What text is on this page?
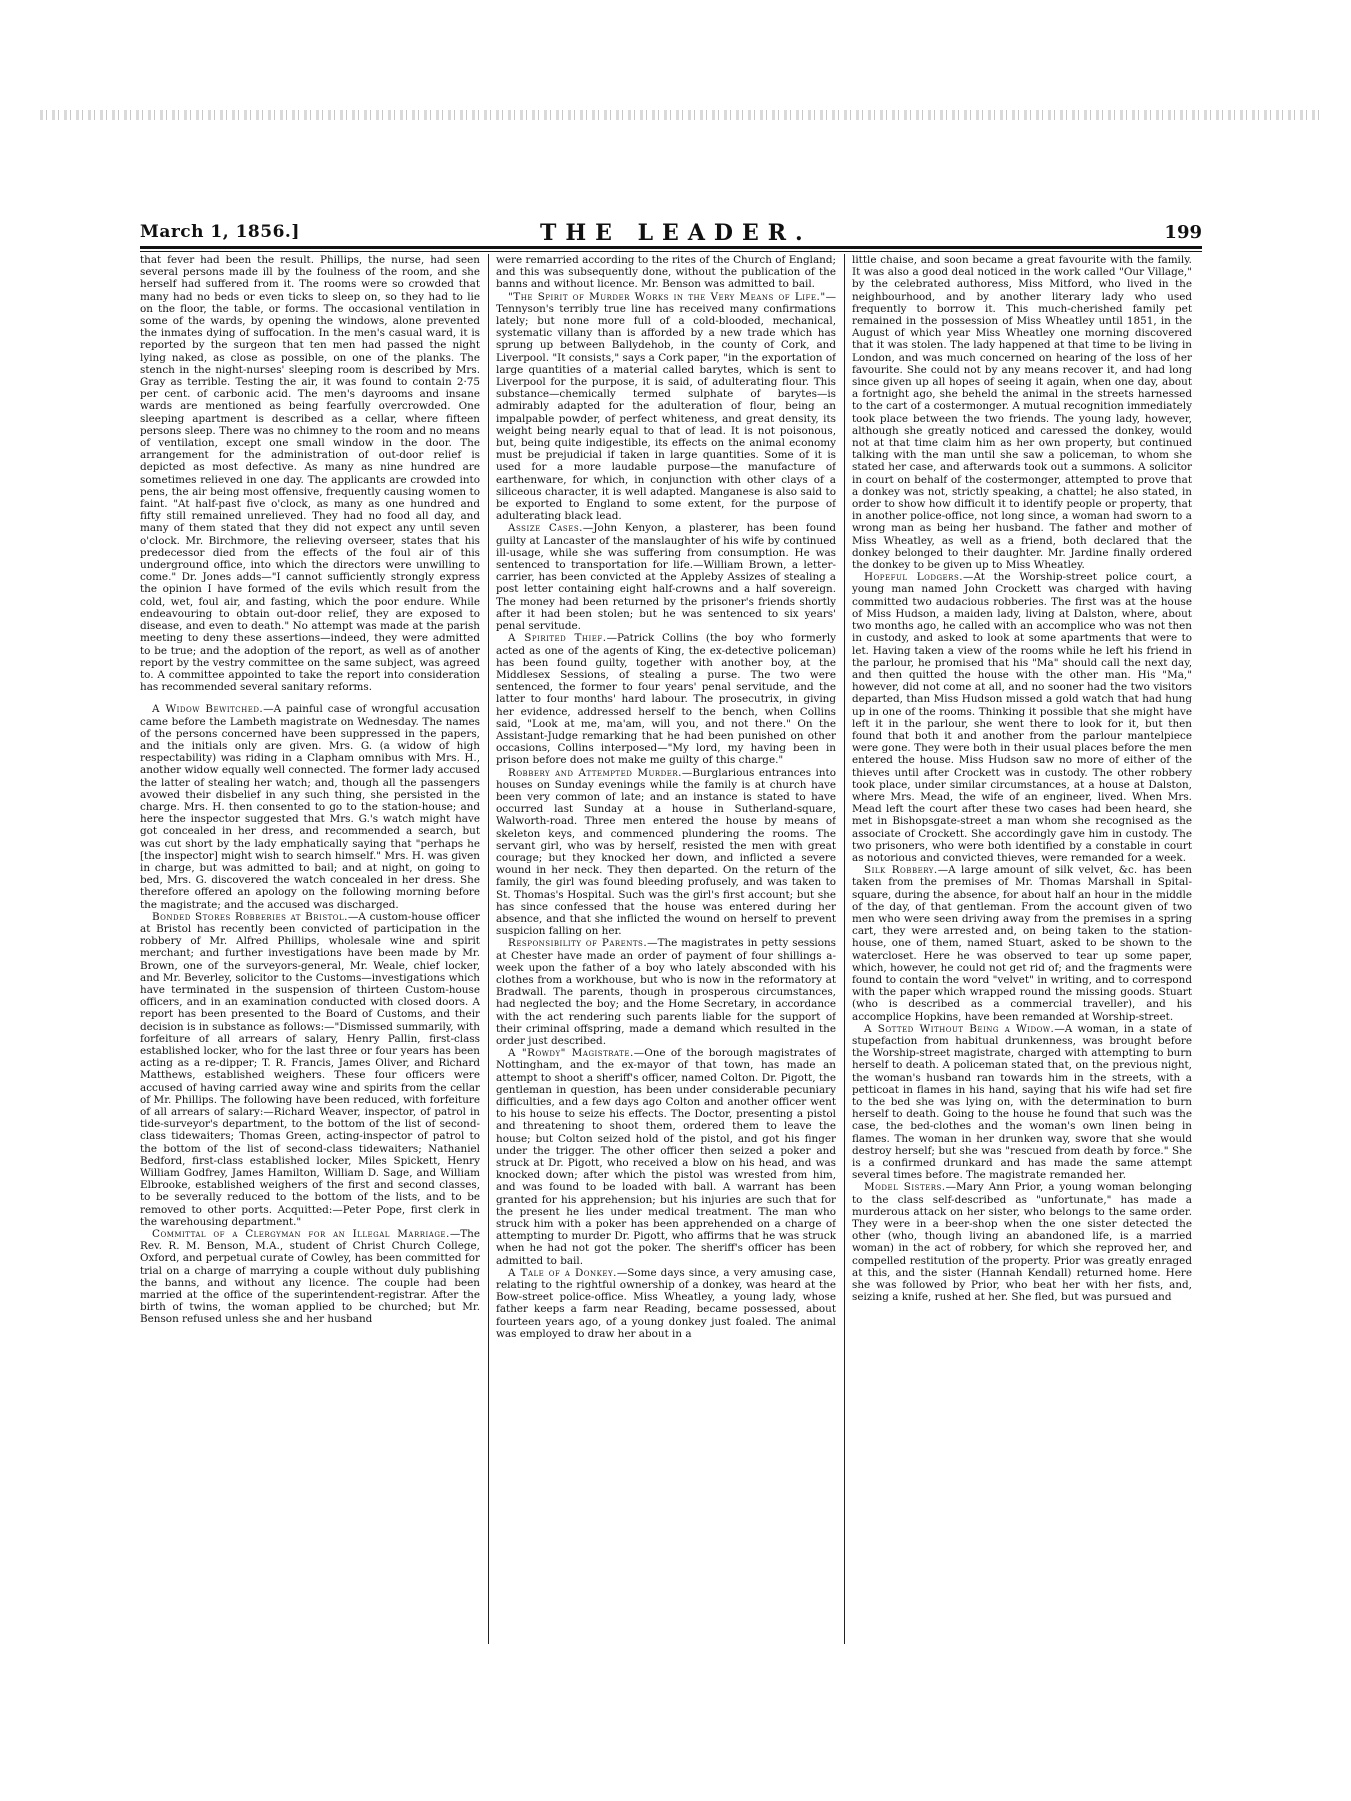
March 1, 1856.]	THE LEADER.	199

that fever had been the result. Phillips, the nurse, had seen several persons made ill by the foulness of the room, and she herself had suffered from it. The rooms were so crowded that many had no beds or even ticks to sleep on, so they had to lie on the floor, the table, or forms. The occasional ventilation in some of the wards, by opening the windows, alone prevented the inmates dying of suffocation. In the men's casual ward, it is reported by the surgeon that ten men had passed the night lying naked, as close as possible, on one of the planks. The stench in the night-nurses' sleeping room is described by Mrs. Gray as terrible. Testing the air, it was found to contain 2·75 per cent. of carbonic acid. The men's dayrooms and insane wards are mentioned as being fearfully overcrowded. One sleeping apartment is described as a cellar, where fifteen persons sleep. There was no chimney to the room and no means of ventilation, except one small window in the door. The arrangement for the administration of out-door relief is depicted as most defective. As many as nine hundred are sometimes relieved in one day. The applicants are crowded into pens, the air being most offensive, frequently causing women to faint. "At half-past five o'clock, as many as one hundred and fifty still remained unrelieved. They had no food all day, and many of them stated that they did not expect any until seven o'clock. Mr. Birchmore, the relieving overseer, states that his predecessor died from the effects of the foul air of this underground office, into which the directors were unwilling to come." Dr. Jones adds—"I cannot sufficiently strongly express the opinion I have formed of the evils which result from the cold, wet, foul air, and fasting, which the poor endure. While endeavouring to obtain out-door relief, they are exposed to disease, and even to death." No attempt was made at the parish meeting to deny these assertions—indeed, they were admitted to be true; and the adoption of the report, as well as of another report by the vestry committee on the same subject, was agreed to. A committee appointed to take the report into consideration has recommended several sanitary reforms.

A Widow Bewitched.—A painful case of wrongful accusation came before the Lambeth magistrate on Wednesday. The names of the persons concerned have been suppressed in the papers, and the initials only are given. Mrs. G. (a widow of high respectability) was riding in a Clapham omnibus with Mrs. H., another widow equally well connected. The former lady accused the latter of stealing her watch; and, though all the passengers avowed their disbelief in any such thing, she persisted in the charge. Mrs. H. then consented to go to the station-house; and here the inspector suggested that Mrs. G.'s watch might have got concealed in her dress, and recommended a search, but was cut short by the lady emphatically saying that "perhaps he [the inspector] might wish to search himself." Mrs. H. was given in charge, but was admitted to bail; and at night, on going to bed, Mrs. G. discovered the watch concealed in her dress. She therefore offered an apology on the following morning before the magistrate; and the accused was discharged.

Bonded Stores Robberies at Bristol.—A custom-house officer at Bristol has recently been convicted of participation in the robbery of Mr. Alfred Phillips, wholesale wine and spirit merchant; and further investigations have been made by Mr. Brown, one of the surveyors-general, Mr. Weale, chief locker, and Mr. Beverley, solicitor to the Customs—investigations which have terminated in the suspension of thirteen Custom-house officers, and in an examination conducted with closed doors. A report has been presented to the Board of Customs, and their decision is in substance as follows:—"Dismissed summarily, with forfeiture of all arrears of salary, Henry Pallin, first-class established locker, who for the last three or four years has been acting as a re-dipper; T. R. Francis, James Oliver, and Richard Matthews, established weighers. These four officers were accused of having carried away wine and spirits from the cellar of Mr. Phillips. The following have been reduced, with forfeiture of all arrears of salary:—Richard Weaver, inspector, of patrol in tide-surveyor's department, to the bottom of the list of second-class tidewaiters; Thomas Green, acting-inspector of patrol to the bottom of the list of second-class tidewaiters; Nathaniel Bedford, first-class established locker, Miles Spickett, Henry William Godfrey, James Hamilton, William D. Sage, and William Elbrooke, established weighers of the first and second classes, to be severally reduced to the bottom of the lists, and to be removed to other ports. Acquitted:—Peter Pope, first clerk in the warehousing department."

Committal of a Clergyman for an Illegal Marriage.—The Rev. R. M. Benson, M.A., student of Christ Church College, Oxford, and perpetual curate of Cowley, has been committed for trial on a charge of marrying a couple without duly publishing the banns, and without any licence. The couple had been married at the office of the superintendent-registrar. After the birth of twins, the woman applied to be churched; but Mr. Benson refused unless she and her husband

were remarried according to the rites of the Church of England; and this was subsequently done, without the publication of the banns and without licence. Mr. Benson was admitted to bail.

"The Spirit of Murder Works in the Very Means of Life."—Tennyson's terribly true line has received many confirmations lately; but none more full of a cold-blooded, mechanical, systematic villany than is afforded by a new trade which has sprung up between Ballydehob, in the county of Cork, and Liverpool. "It consists," says a Cork paper, "in the exportation of large quantities of a material called barytes, which is sent to Liverpool for the purpose, it is said, of adulterating flour. This substance—chemically termed sulphate of barytes—is admirably adapted for the adulteration of flour, being an impalpable powder, of perfect whiteness, and great density, its weight being nearly equal to that of lead. It is not poisonous, but, being quite indigestible, its effects on the animal economy must be prejudicial if taken in large quantities. Some of it is used for a more laudable purpose—the manufacture of earthenware, for which, in conjunction with other clays of a siliceous character, it is well adapted. Manganese is also said to be exported to England to some extent, for the purpose of adulterating black lead.

Assize Cases.—John Kenyon, a plasterer, has been found guilty at Lancaster of the manslaughter of his wife by continued ill-usage, while she was suffering from consumption. He was sentenced to transportation for life.—William Brown, a letter-carrier, has been convicted at the Appleby Assizes of stealing a post letter containing eight half-crowns and a half sovereign. The money had been returned by the prisoner's friends shortly after it had been stolen; but he was sentenced to six years' penal servitude.

A Spirited Thief.—Patrick Collins (the boy who formerly acted as one of the agents of King, the ex-detective policeman) has been found guilty, together with another boy, at the Middlesex Sessions, of stealing a purse. The two were sentenced, the former to four years' penal servitude, and the latter to four months' hard labour. The prosecutrix, in giving her evidence, addressed herself to the bench, when Collins said, "Look at me, ma'am, will you, and not there." On the Assistant-Judge remarking that he had been punished on other occasions, Collins interposed—"My lord, my having been in prison before does not make me guilty of this charge."

Robbery and Attempted Murder.—Burglarious entrances into houses on Sunday evenings while the family is at church have been very common of late; and an instance is stated to have occurred last Sunday at a house in Sutherland-square, Walworth-road. Three men entered the house by means of skeleton keys, and commenced plundering the rooms. The servant girl, who was by herself, resisted the men with great courage; but they knocked her down, and inflicted a severe wound in her neck. They then departed. On the return of the family, the girl was found bleeding profusely, and was taken to St. Thomas's Hospital. Such was the girl's first account; but she has since confessed that the house was entered during her absence, and that she inflicted the wound on herself to prevent suspicion falling on her.

Responsibility of Parents.—The magistrates in petty sessions at Chester have made an order of payment of four shillings a-week upon the father of a boy who lately absconded with his clothes from a workhouse, but who is now in the reformatory at Bradwall. The parents, though in prosperous circumstances, had neglected the boy; and the Home Secretary, in accordance with the act rendering such parents liable for the support of their criminal offspring, made a demand which resulted in the order just described.

A "Rowdy" Magistrate.—One of the borough magistrates of Nottingham, and the ex-mayor of that town, has made an attempt to shoot a sheriff's officer, named Colton. Dr. Pigott, the gentleman in question, has been under considerable pecuniary difficulties, and a few days ago Colton and another officer went to his house to seize his effects. The Doctor, presenting a pistol and threatening to shoot them, ordered them to leave the house; but Colton seized hold of the pistol, and got his finger under the trigger. The other officer then seized a poker and struck at Dr. Pigott, who received a blow on his head, and was knocked down; after which the pistol was wrested from him, and was found to be loaded with ball. A warrant has been granted for his apprehension; but his injuries are such that for the present he lies under medical treatment. The man who struck him with a poker has been apprehended on a charge of attempting to murder Dr. Pigott, who affirms that he was struck when he had not got the poker. The sheriff's officer has been admitted to bail.

A Tale of a Donkey.—Some days since, a very amusing case, relating to the rightful ownership of a donkey, was heard at the Bow-street police-office. Miss Wheatley, a young lady, whose father keeps a farm near Reading, became possessed, about fourteen years ago, of a young donkey just foaled. The animal was employed to draw her about in a

little chaise, and soon became a great favourite with the family. It was also a good deal noticed in the work called "Our Village," by the celebrated authoress, Miss Mitford, who lived in the neighbourhood, and by another literary lady who used frequently to borrow it. This much-cherished family pet remained in the possession of Miss Wheatley until 1851, in the August of which year Miss Wheatley one morning discovered that it was stolen. The lady happened at that time to be living in London, and was much concerned on hearing of the loss of her favourite. She could not by any means recover it, and had long since given up all hopes of seeing it again, when one day, about a fortnight ago, she beheld the animal in the streets harnessed to the cart of a costermonger. A mutual recognition immediately took place between the two friends. The young lady, however, although she greatly noticed and caressed the donkey, would not at that time claim him as her own property, but continued talking with the man until she saw a policeman, to whom she stated her case, and afterwards took out a summons. A solicitor in court on behalf of the costermonger, attempted to prove that a donkey was not, strictly speaking, a chattel; he also stated, in order to show how difficult it to identify people or property, that in another police-office, not long since, a woman had sworn to a wrong man as being her husband. The father and mother of Miss Wheatley, as well as a friend, both declared that the donkey belonged to their daughter. Mr. Jardine finally ordered the donkey to be given up to Miss Wheatley.

Hopeful Lodgers.—At the Worship-street police court, a young man named John Crockett was charged with having committed two audacious robberies. The first was at the house of Miss Hudson, a maiden lady, living at Dalston, where, about two months ago, he called with an accomplice who was not then in custody, and asked to look at some apartments that were to let. Having taken a view of the rooms while he left his friend in the parlour, he promised that his "Ma" should call the next day, and then quitted the house with the other man. His "Ma," however, did not come at all, and no sooner had the two visitors departed, than Miss Hudson missed a gold watch that had hung up in one of the rooms. Thinking it possible that she might have left it in the parlour, she went there to look for it, but then found that both it and another from the parlour mantelpiece were gone. They were both in their usual places before the men entered the house. Miss Hudson saw no more of either of the thieves until after Crockett was in custody. The other robbery took place, under similar circumstances, at a house at Dalston, where Mrs. Mead, the wife of an engineer, lived. When Mrs. Mead left the court after these two cases had been heard, she met in Bishopsgate-street a man whom she recognised as the associate of Crockett. She accordingly gave him in custody. The two prisoners, who were both identified by a constable in court as notorious and convicted thieves, were remanded for a week.

Silk Robbery.—A large amount of silk velvet, &c. has been taken from the premises of Mr. Thomas Marshall in Spital-square, during the absence, for about half an hour in the middle of the day, of that gentleman. From the account given of two men who were seen driving away from the premises in a spring cart, they were arrested and, on being taken to the station-house, one of them, named Stuart, asked to be shown to the watercloset. Here he was observed to tear up some paper, which, however, he could not get rid of; and the fragments were found to contain the word "velvet" in writing, and to correspond with the paper which wrapped round the missing goods. Stuart (who is described as a commercial traveller), and his accomplice Hopkins, have been remanded at Worship-street.

A Sotted Without Being a Widow.—A woman, in a state of stupefaction from habitual drunkenness, was brought before the Worship-street magistrate, charged with attempting to burn herself to death. A policeman stated that, on the previous night, the woman's husband ran towards him in the streets, with a petticoat in flames in his hand, saying that his wife had set fire to the bed she was lying on, with the determination to burn herself to death. Going to the house he found that such was the case, the bed-clothes and the woman's own linen being in flames. The woman in her drunken way, swore that she would destroy herself; but she was "rescued from death by force." She is a confirmed drunkard and has made the same attempt several times before. The magistrate remanded her.

Model Sisters.—Mary Ann Prior, a young woman belonging to the class self-described as "unfortunate," has made a murderous attack on her sister, who belongs to the same order. They were in a beer-shop when the one sister detected the other (who, though living an abandoned life, is a married woman) in the act of robbery, for which she reproved her, and compelled restitution of the property. Prior was greatly enraged at this, and the sister (Hannah Kendall) returned home. Here she was followed by Prior, who beat her with her fists, and, seizing a knife, rushed at her. She fled, but was pursued and
